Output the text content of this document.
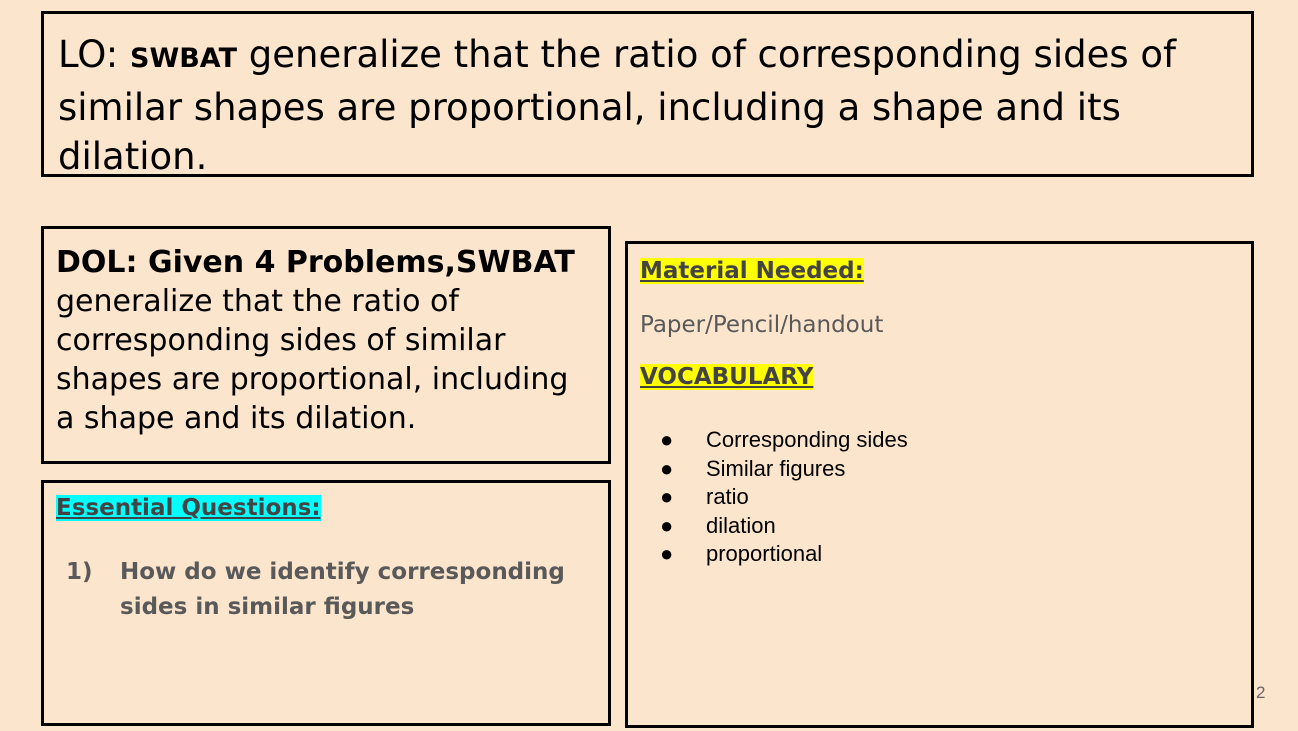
LO: SWBAT generalize that the ratio of corresponding sides of similar shapes are proportional, including a shape and its dilation.
DOL: Given 4 Problems,SWBAT
generalize that the ratio of corresponding sides of similar shapes are proportional, including a shape and its dilation.
Essential Questions:
1)	How do we identify corresponding sides in similar figures
Material Needed:
Paper/Pencil/handout
VOCABULARY
●	Corresponding sides
●	Similar figures
●	ratio
●	dilation
●	proportional
2
